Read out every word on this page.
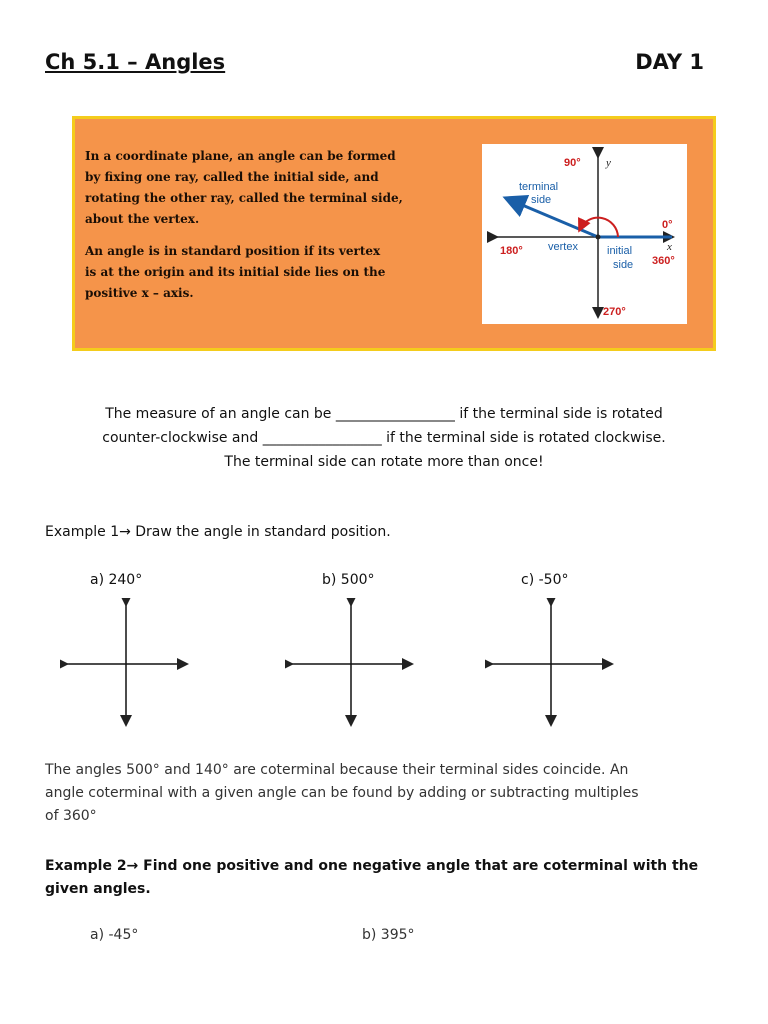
Ch 5.1 – Angles	DAY 1

In a coordinate plane, an angle can be formed
by fixing one ray, called the initial side, and
rotating the other ray, called the terminal side,
about the vertex.

An angle is in standard position if its vertex
is at the origin and its initial side lies on the
positive x – axis.

90° y
terminal
side
0°
180° vertex	x
initial
side 360°
270°
The measure of an angle can be _________________ if the terminal side is rotated
counter-clockwise and _________________ if the terminal side is rotated clockwise.
The terminal side can rotate more than once!
Example 1→ Draw the angle in standard position.
a) 240°	b) 500°	c) -50°
The angles 500° and 140° are coterminal because their terminal sides coincide. An
angle coterminal with a given angle can be found by adding or subtracting multiples
of 360°
Example 2→ Find one positive and one negative angle that are coterminal with the
given angles.
a) -45°	b) 395°
